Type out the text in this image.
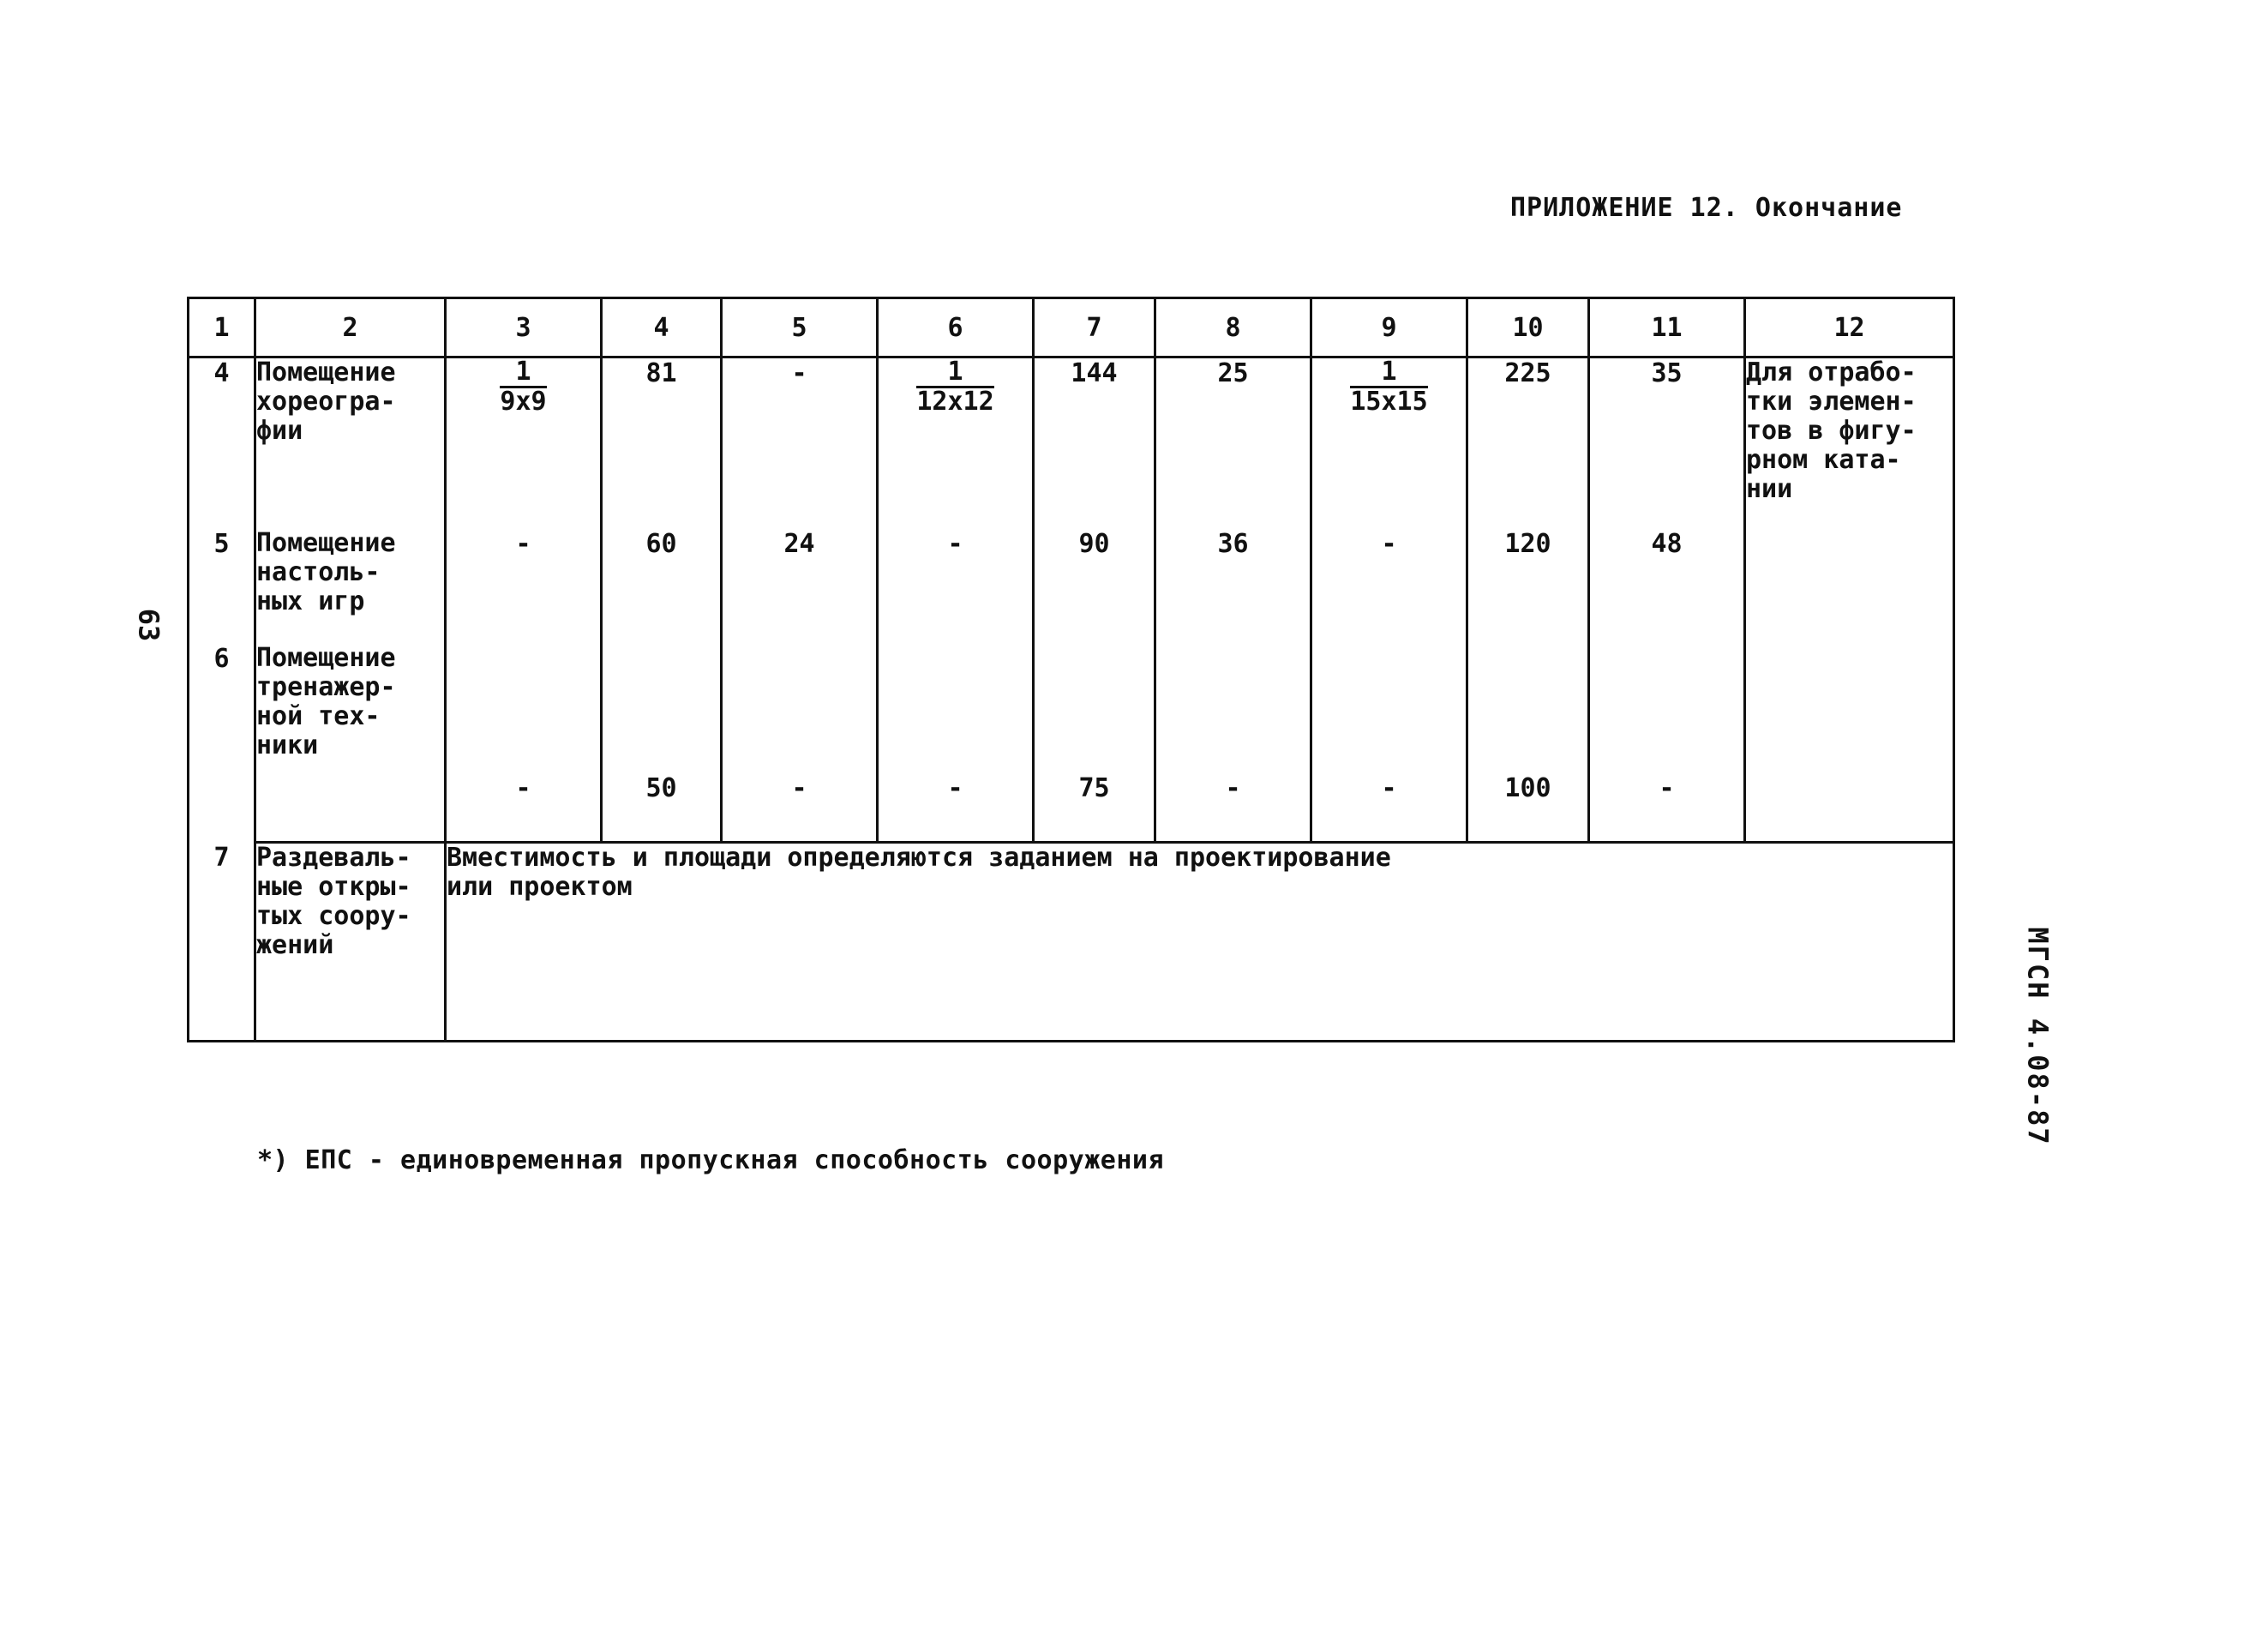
ПРИЛОЖЕНИЕ 12. Окончание
63
МГСН 4.08-87
1	2	3	4	5	6	7	8	9	10	11	12
4	Помещение
хореогра-
фии	$\frac{1}{9x9}$	81	-	$\frac{1}{12x12}$	144	25	$\frac{1}{15x15}$	225	35	Для отрабо-
тки элемен-
тов в фигу-
рном ката-
нии
5	Помещение
настоль-
ных игр	-	60	24	-	90	36	-	120	48	
6	Помещение
тренажер-
ной тех-
ники	-	50	-	-	75	-	-	100	-	
7	Раздеваль-
ные откры-
тых соору-
жений	Вместимость и площади определяются заданием на проектирование
или проектом									
*) ЕПС - единовременная пропускная способность сооружения
